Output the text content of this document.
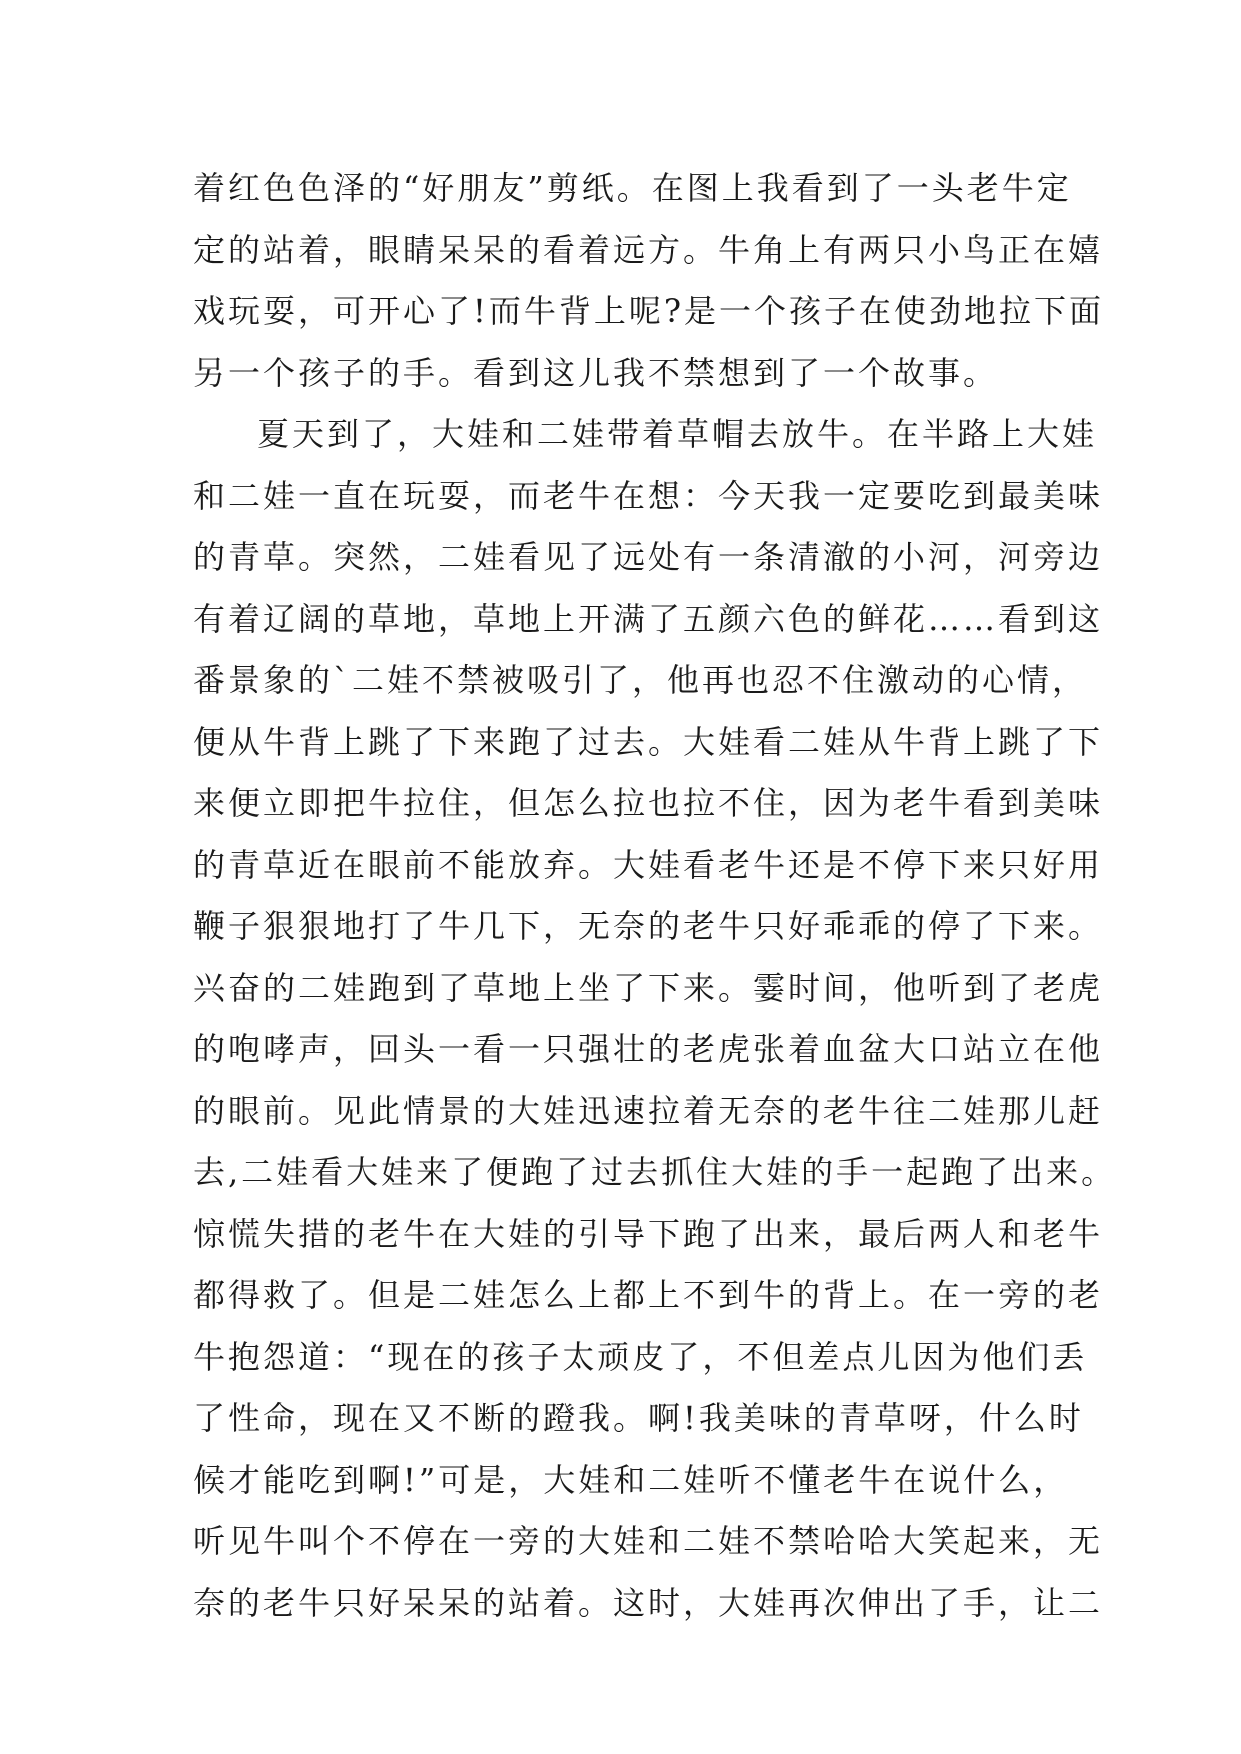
着红色色泽的“好朋友”剪纸。在图上我看到了一头老牛定
定的站着，眼睛呆呆的看着远方。牛角上有两只小鸟正在嬉
戏玩耍，可开心了!而牛背上呢?是一个孩子在使劲地拉下面
另一个孩子的手。看到这儿我不禁想到了一个故事。
夏天到了，大娃和二娃带着草帽去放牛。在半路上大娃
和二娃一直在玩耍，而老牛在想：今天我一定要吃到最美味
的青草。突然，二娃看见了远处有一条清澈的小河，河旁边
有着辽阔的草地，草地上开满了五颜六色的鲜花……看到这
番景象的`二娃不禁被吸引了，他再也忍不住激动的心情，
便从牛背上跳了下来跑了过去。大娃看二娃从牛背上跳了下
来便立即把牛拉住，但怎么拉也拉不住，因为老牛看到美味
的青草近在眼前不能放弃。大娃看老牛还是不停下来只好用
鞭子狠狠地打了牛几下，无奈的老牛只好乖乖的停了下来。
兴奋的二娃跑到了草地上坐了下来。霎时间，他听到了老虎
的咆哮声，回头一看一只强壮的老虎张着血盆大口站立在他
的眼前。见此情景的大娃迅速拉着无奈的老牛往二娃那儿赶
去,二娃看大娃来了便跑了过去抓住大娃的手一起跑了出来。
惊慌失措的老牛在大娃的引导下跑了出来，最后两人和老牛
都得救了。但是二娃怎么上都上不到牛的背上。在一旁的老
牛抱怨道：“现在的孩子太顽皮了，不但差点儿因为他们丢
了性命，现在又不断的蹬我。啊!我美味的青草呀，什么时
候才能吃到啊!”可是，大娃和二娃听不懂老牛在说什么，
听见牛叫个不停在一旁的大娃和二娃不禁哈哈大笑起来，无
奈的老牛只好呆呆的站着。这时，大娃再次伸出了手，让二
